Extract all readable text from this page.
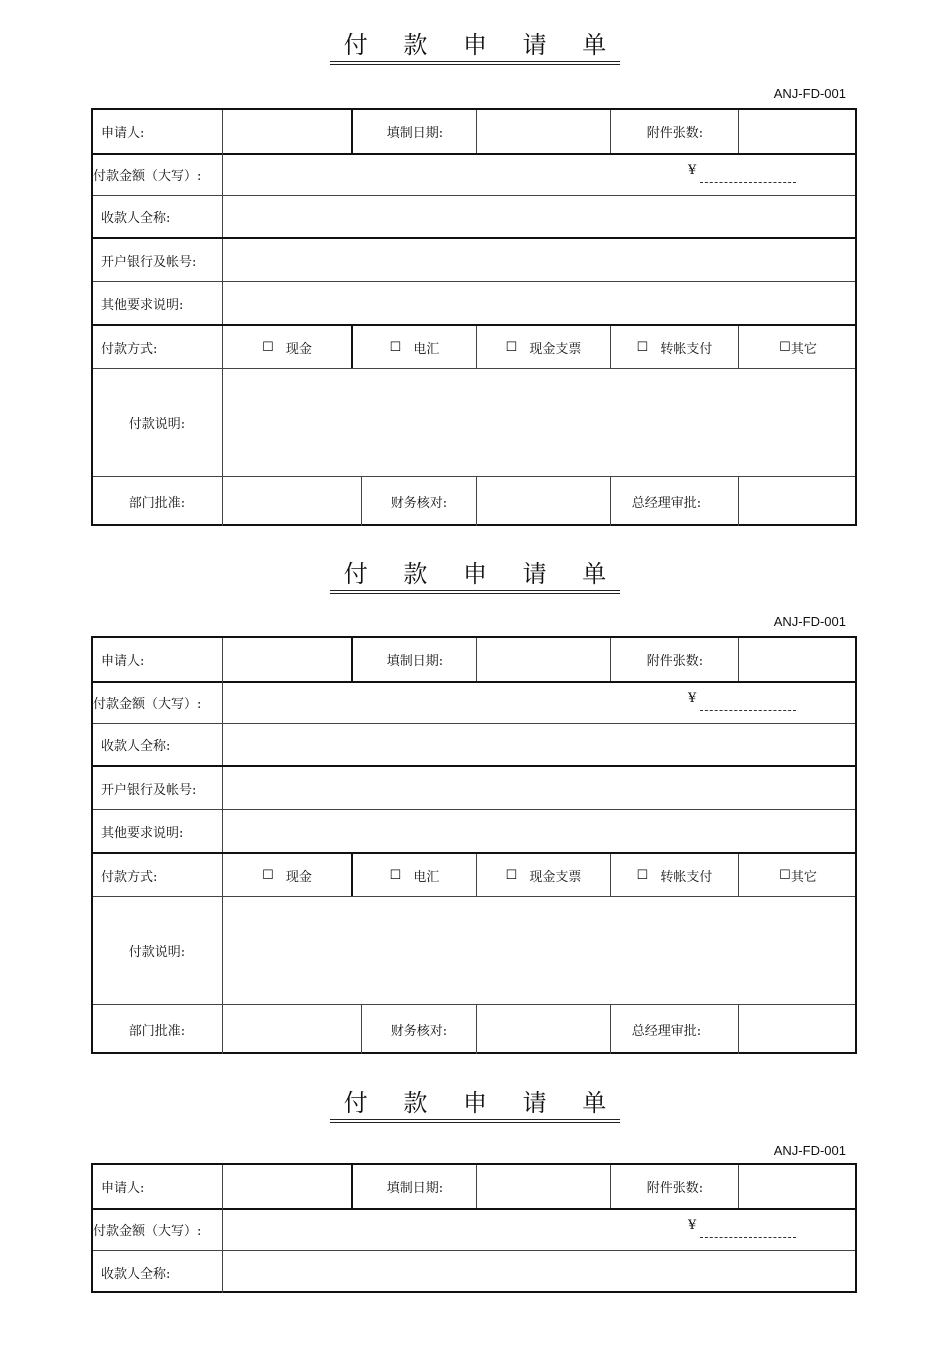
付 款 申 请 单
ANJ-FD-001
申请人:	填制日期:	附件张数:
付款金额（大写）:	¥
收款人全称:
开户银行及帐号:
其他要求说明:
付款方式:	☐ 现金	☐ 电汇	☐ 现金支票	☐ 转帐支付	☐ 其它
付款说明:
部门批准:	财务核对:	总经理审批:
付 款 申 请 单
ANJ-FD-001
申请人:	填制日期:	附件张数:
付款金额（大写）:	¥
收款人全称:
开户银行及帐号:
其他要求说明:
付款方式:	☐ 现金	☐ 电汇	☐ 现金支票	☐ 转帐支付	☐ 其它
付款说明:
部门批准:	财务核对:	总经理审批:
付 款 申 请 单
ANJ-FD-001
申请人:	填制日期:	附件张数:
付款金额（大写）:	¥
收款人全称:
